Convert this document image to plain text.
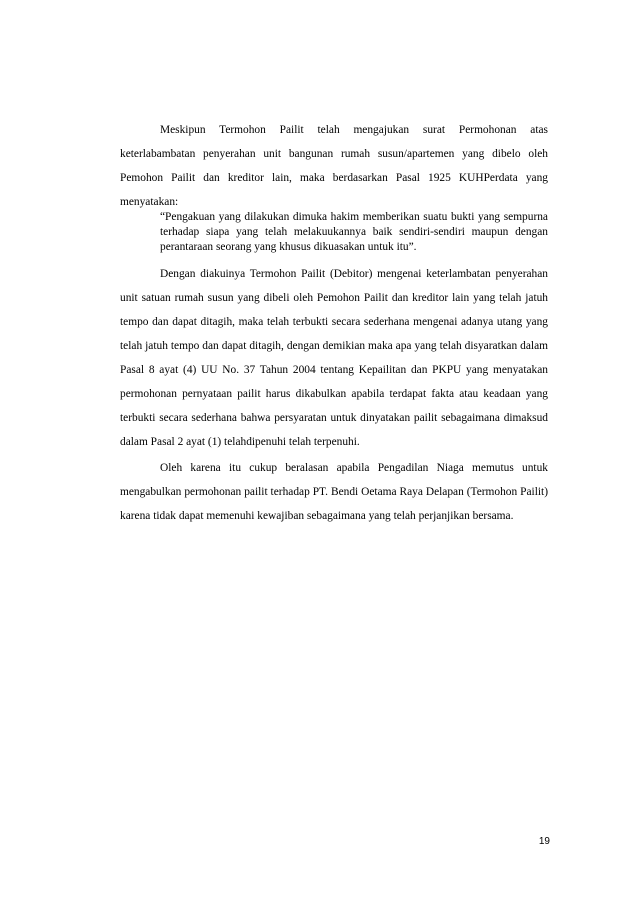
Meskipun Termohon Pailit telah mengajukan surat Permohonan atas keterlabambatan penyerahan unit bangunan rumah susun/apartemen yang dibelo oleh Pemohon Pailit dan kreditor lain, maka berdasarkan Pasal 1925 KUHPerdata yang menyatakan:

“Pengakuan yang dilakukan dimuka hakim memberikan suatu bukti yang sempurna terhadap siapa yang telah melakuukannya baik sendiri-sendiri maupun dengan perantaraan seorang yang khusus dikuasakan untuk itu”.

Dengan diakuinya Termohon Pailit (Debitor) mengenai keterlambatan penyerahan unit satuan rumah susun yang dibeli oleh Pemohon Pailit dan kreditor lain yang telah jatuh tempo dan dapat ditagih, maka telah terbukti secara sederhana mengenai adanya utang yang telah jatuh tempo dan dapat ditagih, dengan demikian maka apa yang telah disyaratkan dalam Pasal 8 ayat (4) UU No. 37 Tahun 2004 tentang Kepailitan dan PKPU yang menyatakan permohonan pernyataan pailit harus dikabulkan apabila terdapat fakta atau keadaan yang terbukti secara sederhana bahwa persyaratan untuk dinyatakan pailit sebagaimana dimaksud dalam Pasal 2 ayat (1) telahdipenuhi telah terpenuhi.

Oleh karena itu cukup beralasan apabila Pengadilan Niaga memutus untuk mengabulkan permohonan pailit terhadap PT. Bendi Oetama Raya Delapan (Termohon Pailit) karena tidak dapat memenuhi kewajiban sebagaimana yang telah perjanjikan bersama.

19
